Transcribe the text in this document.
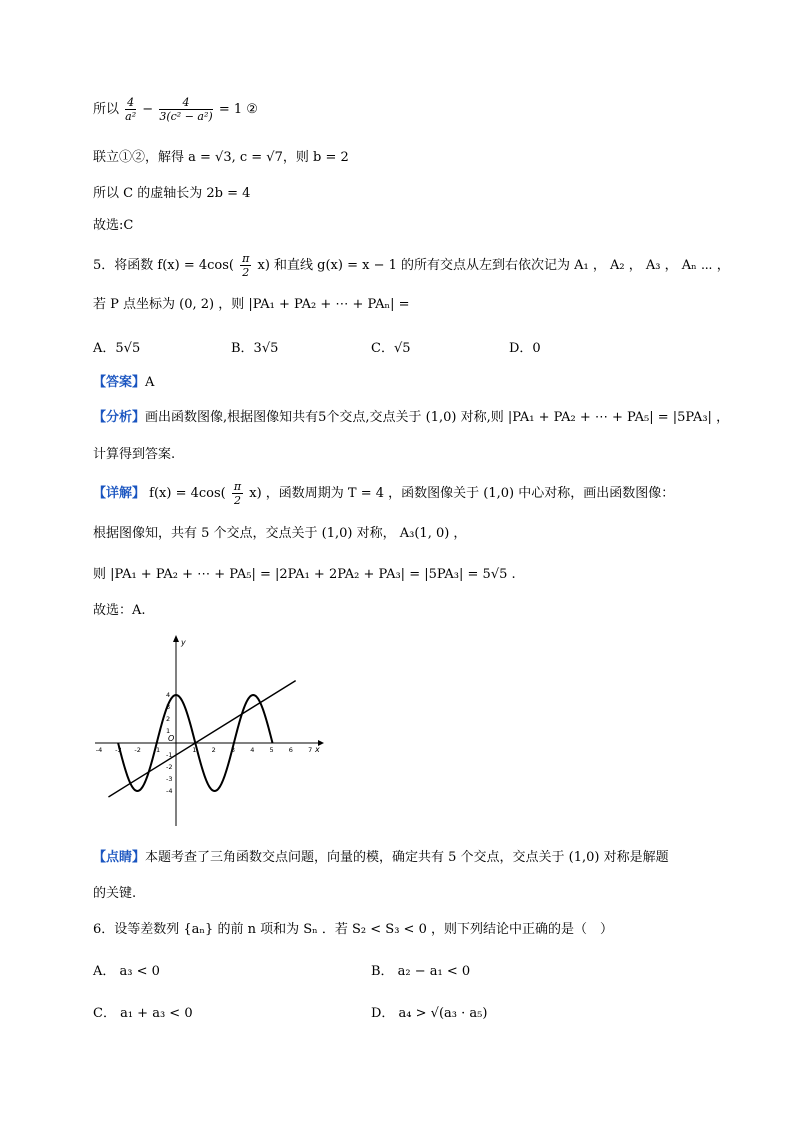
所以 $\frac{4}{\text{a²}} - \frac{4}{\text{3(c² − a²)}} = 1$ ②
联立①②，解得 a = √3, c = √7，则 b = 2
所以 C 的虚轴长为 2b = 4
故选:C
5．将函数 $f(x) = 4\cos( \frac{\pi}{2} x)$ 和直线 g(x) = x − 1 的所有交点从左到右依次记为 A₁ ， A₂ ， A₃ ， Aₙ ⋯ ，
若 P 点坐标为 (0, 2) ，则 |PA₁ + PA₂ + ⋯ + PAₙ| =
A．5√5	B．3√5	C．√5	D．0
【答案】A
【分析】画出函数图像,根据图像知共有5个交点,交点关于 (1,0) 对称,则 |PA₁ + PA₂ + ⋯ + PA₅| = |5PA₃| ，
计算得到答案.
【详解】 $f(x) = 4\cos( \frac{\pi}{2} x)$ ，函数周期为 T = 4 ，函数图像关于 (1,0) 中心对称，画出函数图像：
根据图像知，共有 5 个交点，交点关于 (1,0) 对称， A₃(1, 0) ，
则 |PA₁ + PA₂ + ⋯ + PA₅| = |2PA₁ + 2PA₂ + PA₃| = |5PA₃| = 5√5 .
故选：A.
y
x
O
-4 -3 -2 -1	1 2 3 4 5 6 7
4
3
2
1
-1
-2
-3
-4
【点睛】本题考查了三角函数交点问题，向量的模，确定共有 5 个交点，交点关于 (1,0) 对称是解题
的关键.
6．设等差数列 {aₙ} 的前 n 项和为 Sₙ ．若 S₂ < S₃ < 0 ，则下列结论中正确的是（　）
A． a₃ < 0	B． a₂ − a₁ < 0
C． a₁ + a₃ < 0	D． a₄ > √(a₃ · a₅)
